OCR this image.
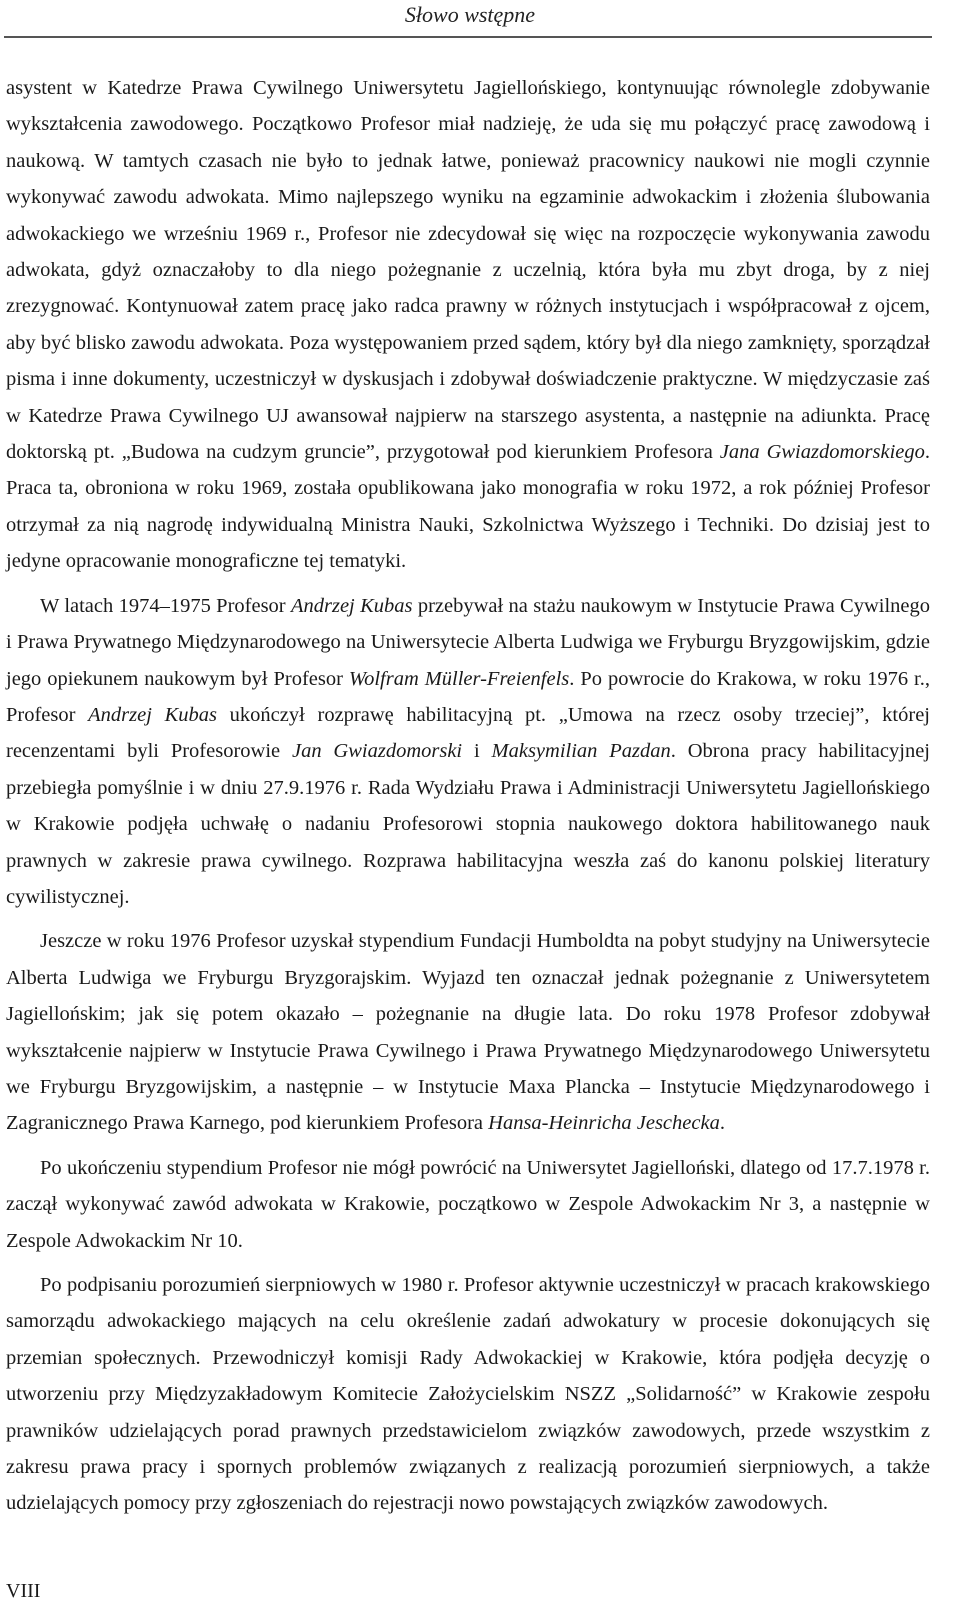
Słowo wstępne

asystent w Katedrze Prawa Cywilnego Uniwersytetu Jagiellońskiego, kontynuując równolegle zdobywanie wykształcenia zawodowego. Początkowo Profesor miał nadzieję, że uda się mu połączyć pracę zawodową i naukową. W tamtych czasach nie było to jednak łatwe, ponieważ pracownicy naukowi nie mogli czynnie wykonywać zawodu adwokata. Mimo najlepszego wyniku na egzaminie adwokackim i złożenia ślubowania adwokackiego we wrześniu 1969 r., Profesor nie zdecydował się więc na rozpoczęcie wykonywania zawodu adwokata, gdyż oznaczałoby to dla niego pożegnanie z uczelnią, która była mu zbyt droga, by z niej zrezygnować. Kontynuował zatem pracę jako radca prawny w różnych instytucjach i współpracował z ojcem, aby być blisko zawodu adwokata. Poza występowaniem przed sądem, który był dla niego zamknięty, sporządzał pisma i inne dokumenty, uczestniczył w dyskusjach i zdobywał doświadczenie praktyczne. W międzyczasie zaś w Katedrze Prawa Cywilnego UJ awansował najpierw na starszego asystenta, a następnie na adiunkta. Pracę doktorską pt. „Budowa na cudzym gruncie”, przygotował pod kierunkiem Profesora Jana Gwiazdomorskiego. Praca ta, obroniona w roku 1969, została opublikowana jako monografia w roku 1972, a rok później Profesor otrzymał za nią nagrodę indywidualną Ministra Nauki, Szkolnictwa Wyższego i Techniki. Do dzisiaj jest to jedyne opracowanie monograficzne tej tematyki.

W latach 1974–1975 Profesor Andrzej Kubas przebywał na stażu naukowym w Instytucie Prawa Cywilnego i Prawa Prywatnego Międzynarodowego na Uniwersytecie Alberta Ludwiga we Fryburgu Bryzgowijskim, gdzie jego opiekunem naukowym był Profesor Wolfram Müller-Freienfels. Po powrocie do Krakowa, w roku 1976 r., Profesor Andrzej Kubas ukończył rozprawę habilitacyjną pt. „Umowa na rzecz osoby trzeciej”, której recenzentami byli Profesorowie Jan Gwiazdomorski i Maksymilian Pazdan. Obrona pracy habilitacyjnej przebiegła pomyślnie i w dniu 27.9.1976 r. Rada Wydziału Prawa i Administracji Uniwersytetu Jagiellońskiego w Krakowie podjęła uchwałę o nadaniu Profesorowi stopnia naukowego doktora habilitowanego nauk prawnych w zakresie prawa cywilnego. Rozprawa habilitacyjna weszła zaś do kanonu polskiej literatury cywilistycznej.

Jeszcze w roku 1976 Profesor uzyskał stypendium Fundacji Humboldta na pobyt studyjny na Uniwersytecie Alberta Ludwiga we Fryburgu Bryzgorajskim. Wyjazd ten oznaczał jednak pożegnanie z Uniwersytetem Jagiellońskim; jak się potem okazało – pożegnanie na długie lata. Do roku 1978 Profesor zdobywał wykształcenie najpierw w Instytucie Prawa Cywilnego i Prawa Prywatnego Międzynarodowego Uniwersytetu we Fryburgu Bryzgowijskim, a następnie – w Instytucie Maxa Plancka – Instytucie Międzynarodowego i Zagranicznego Prawa Karnego, pod kierunkiem Profesora Hansa-Heinricha Jeschecka.

Po ukończeniu stypendium Profesor nie mógł powrócić na Uniwersytet Jagielloński, dlatego od 17.7.1978 r. zaczął wykonywać zawód adwokata w Krakowie, początkowo w Zespole Adwokackim Nr 3, a następnie w Zespole Adwokackim Nr 10.

Po podpisaniu porozumień sierpniowych w 1980 r. Profesor aktywnie uczestniczył w pracach krakowskiego samorządu adwokackiego mających na celu określenie zadań adwokatury w procesie dokonujących się przemian społecznych. Przewodniczył komisji Rady Adwokackiej w Krakowie, która podjęła decyzję o utworzeniu przy Międzyzakładowym Komitecie Założycielskim NSZZ „Solidarność” w Krakowie zespołu prawników udzielających porad prawnych przedstawicielom związków zawodowych, przede wszystkim z zakresu prawa pracy i spornych problemów związanych z realizacją porozumień sierpniowych, a także udzielających pomocy przy zgłoszeniach do rejestracji nowo powstających związków zawodowych.

VIII
